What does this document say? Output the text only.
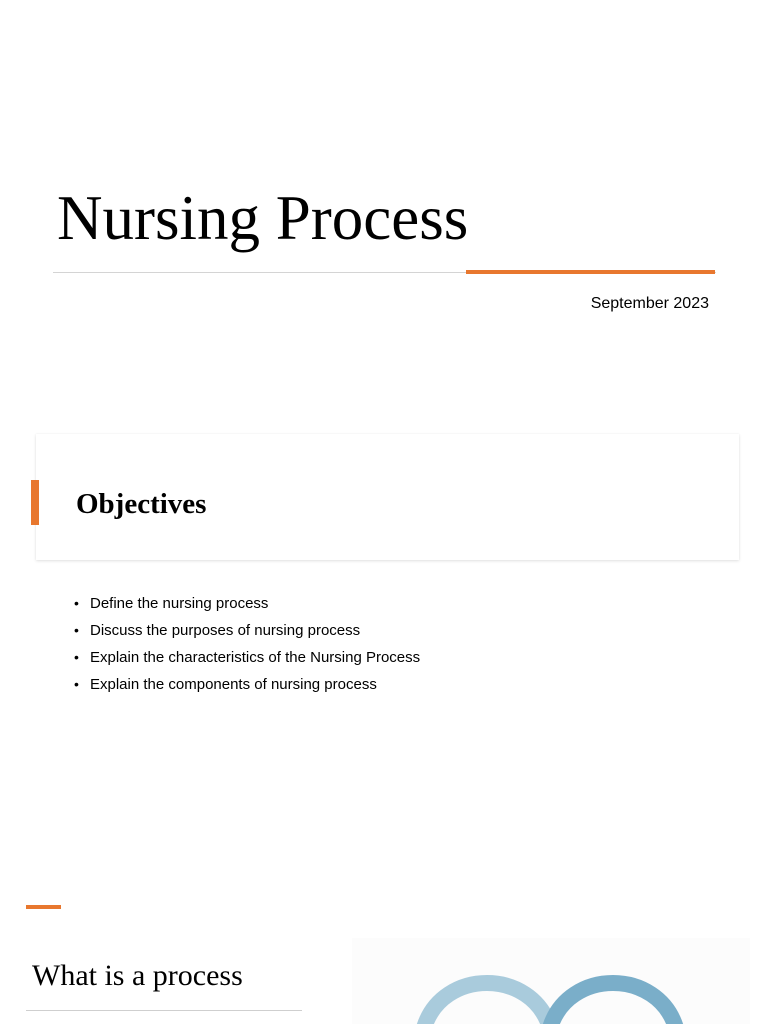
Nursing Process
September 2023
Objectives
• Define the nursing process
• Discuss the purposes of nursing process
• Explain the characteristics of the Nursing Process
• Explain the components of nursing process
What is a process
